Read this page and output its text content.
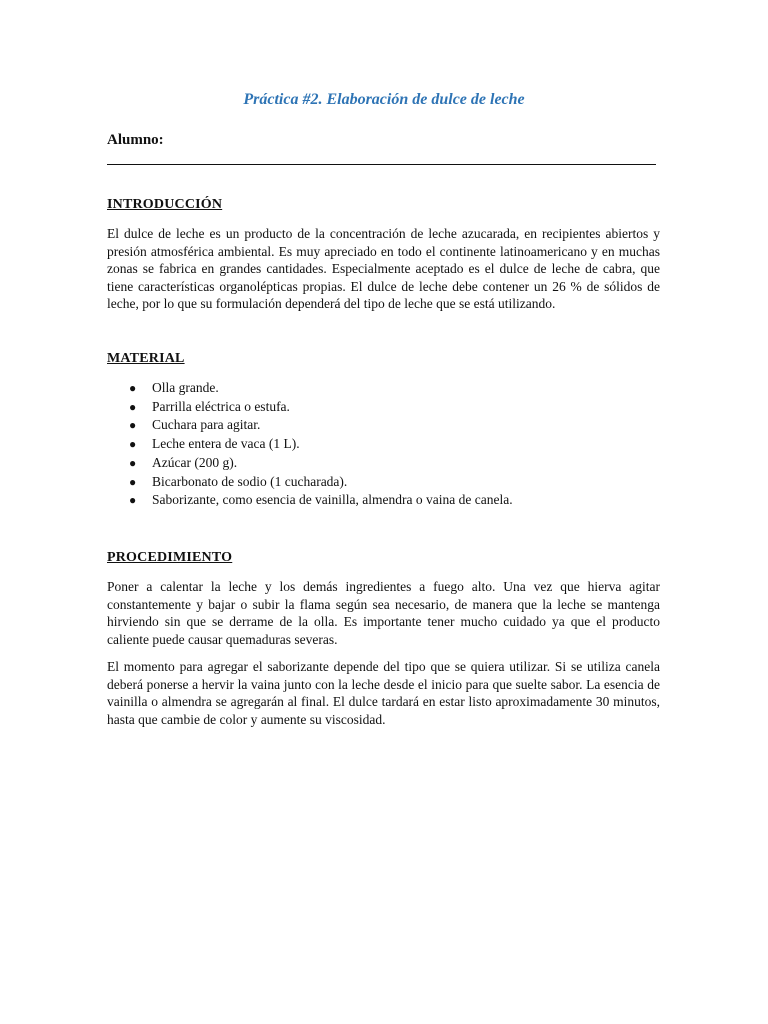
Práctica #2. Elaboración de dulce de leche

Alumno:

INTRODUCCIÓN

El dulce de leche es un producto de la concentración de leche azucarada, en recipientes abiertos y presión atmosférica ambiental. Es muy apreciado en todo el continente latinoamericano y en muchas zonas se fabrica en grandes cantidades. Especialmente aceptado es el dulce de leche de cabra, que tiene características organolépticas propias. El dulce de leche debe contener un 26 % de sólidos de leche, por lo que su formulación dependerá del tipo de leche que se está utilizando.

MATERIAL
● Olla grande.
● Parrilla eléctrica o estufa.
● Cuchara para agitar.
● Leche entera de vaca (1 L).
● Azúcar (200 g).
● Bicarbonato de sodio (1 cucharada).
● Saborizante, como esencia de vainilla, almendra o vaina de canela.
PROCEDIMIENTO

Poner a calentar la leche y los demás ingredientes a fuego alto. Una vez que hierva agitar constantemente y bajar o subir la flama según sea necesario, de manera que la leche se mantenga hirviendo sin que se derrame de la olla. Es importante tener mucho cuidado ya que el producto caliente puede causar quemaduras severas.

El momento para agregar el saborizante depende del tipo que se quiera utilizar. Si se utiliza canela deberá ponerse a hervir la vaina junto con la leche desde el inicio para que suelte sabor. La esencia de vainilla o almendra se agregarán al final. El dulce tardará en estar listo aproximadamente 30 minutos, hasta que cambie de color y aumente su viscosidad.
